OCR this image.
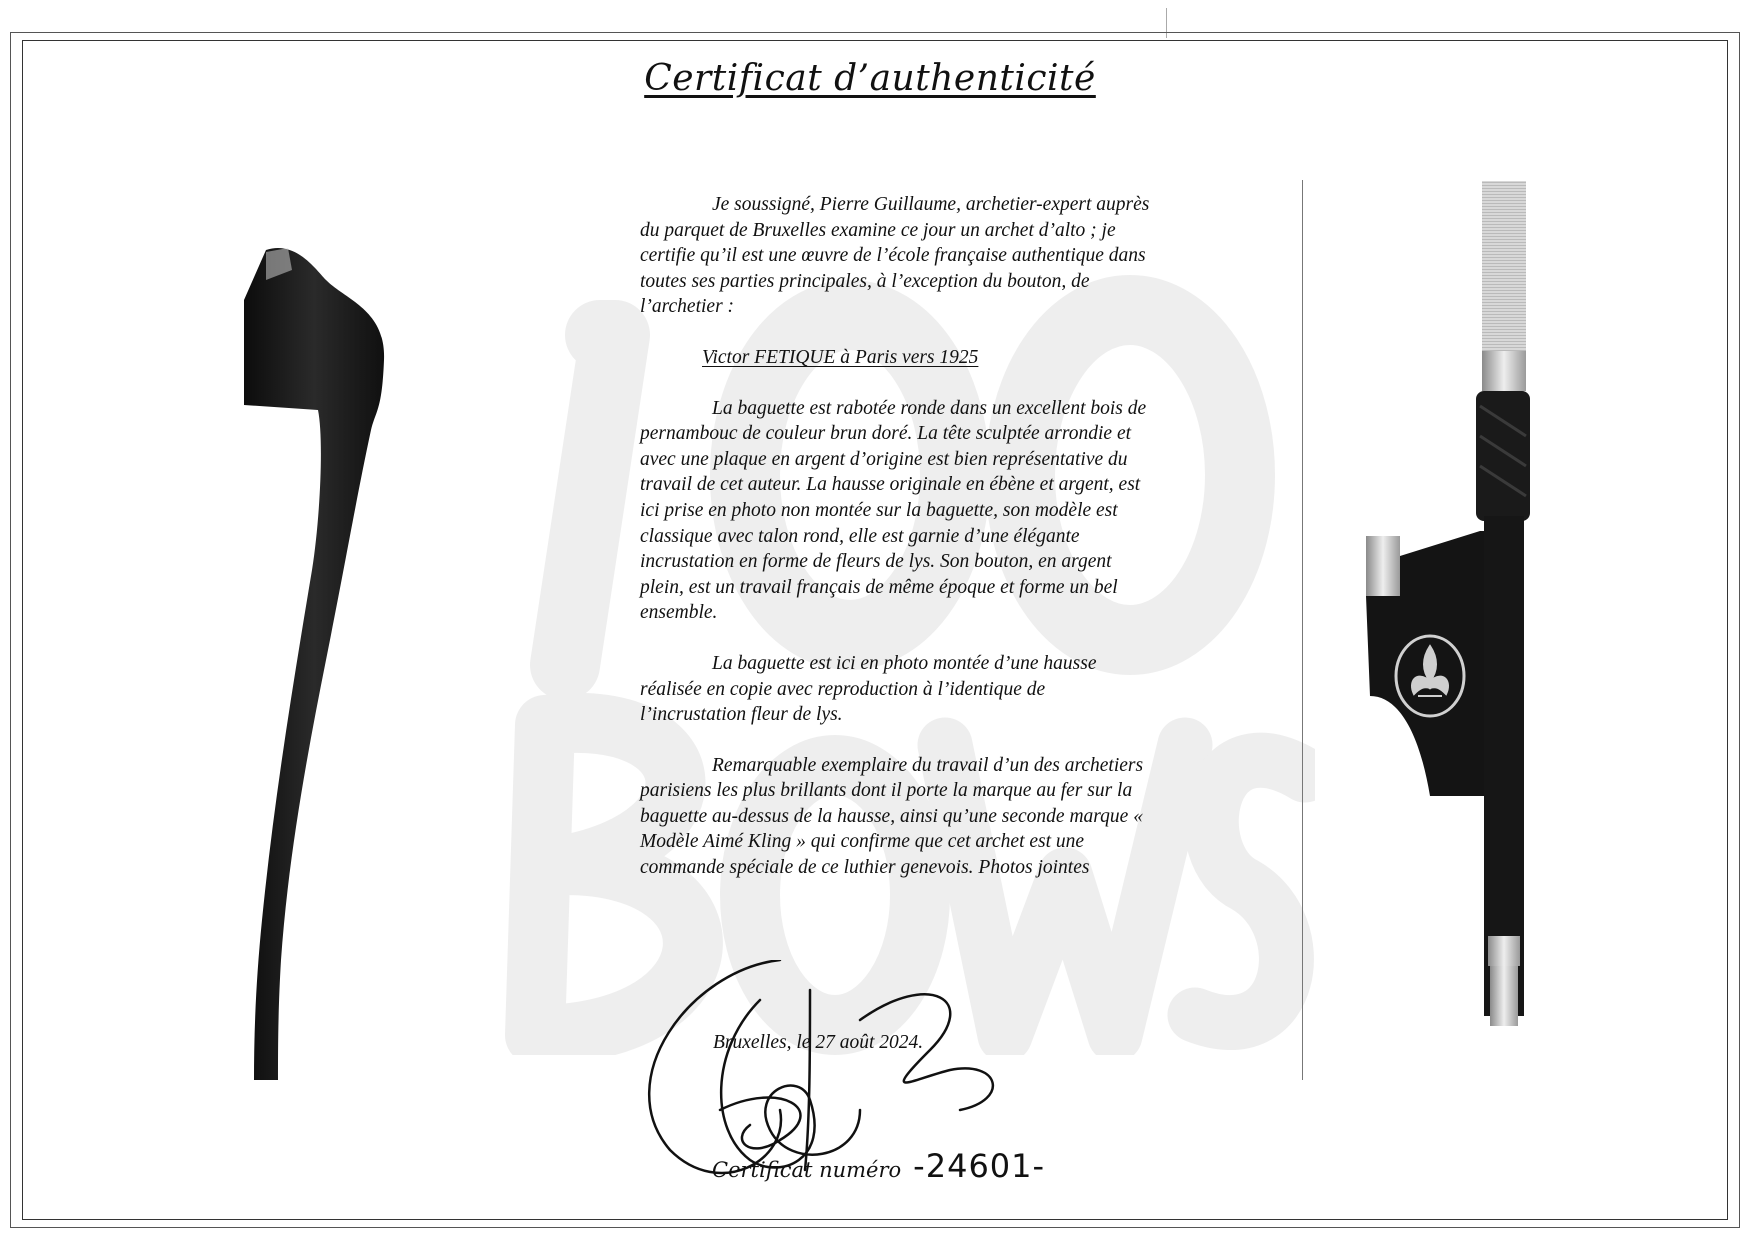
Certificat d’authenticité

Je soussigné, Pierre Guillaume, archetier-expert auprès du parquet de Bruxelles examine ce jour un archet d’alto ; je certifie qu’il est une œuvre de l’école française authentique dans toutes ses parties principales, à l’exception du bouton, de l’archetier :

Victor FETIQUE à Paris vers 1925

La baguette est rabotée ronde dans un excellent bois de pernambouc de couleur brun doré. La tête sculptée arrondie et avec une plaque en argent d’origine est bien représentative du travail de cet auteur. La hausse originale en ébène et argent, est ici prise en photo non montée sur la baguette, son modèle est classique avec talon rond, elle est garnie d’une élégante incrustation en forme de fleurs de lys. Son bouton, en argent plein, est un travail français de même époque et forme un bel ensemble.

La baguette est ici en photo montée d’une hausse réalisée en copie avec reproduction à l’identique de l’incrustation fleur de lys.

Remarquable exemplaire du travail d’un des archetiers parisiens les plus brillants dont il porte la marque au fer sur la baguette au-dessus de la hausse, ainsi qu’une seconde marque « Modèle Aimé Kling » qui confirme que cet archet est une commande spéciale de ce luthier genevois. Photos jointes

Bruxelles, le 27 août 2024.
Certificat numéro -24601-
